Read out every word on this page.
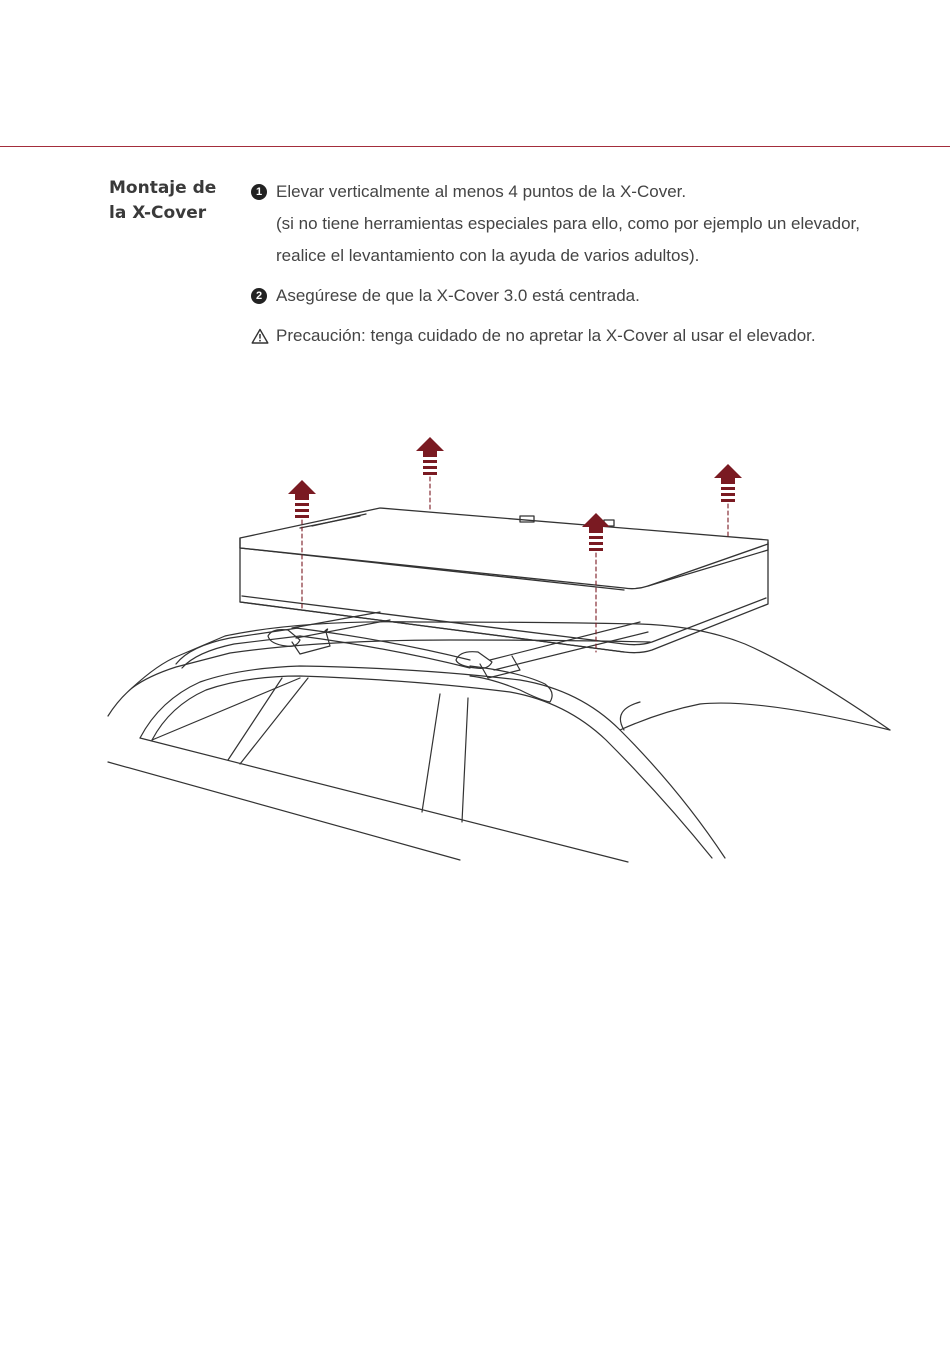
Montaje de
la X-Cover
1 Elevar verticalmente al menos 4 puntos de la X-Cover.
(si no tiene herramientas especiales para ello, como por ejemplo un elevador,
realice el levantamiento con la ayuda de varios adultos).
2 Asegúrese de que la X-Cover 3.0 está centrada.
Precaución: tenga cuidado de no apretar la X-Cover al usar el elevador.
